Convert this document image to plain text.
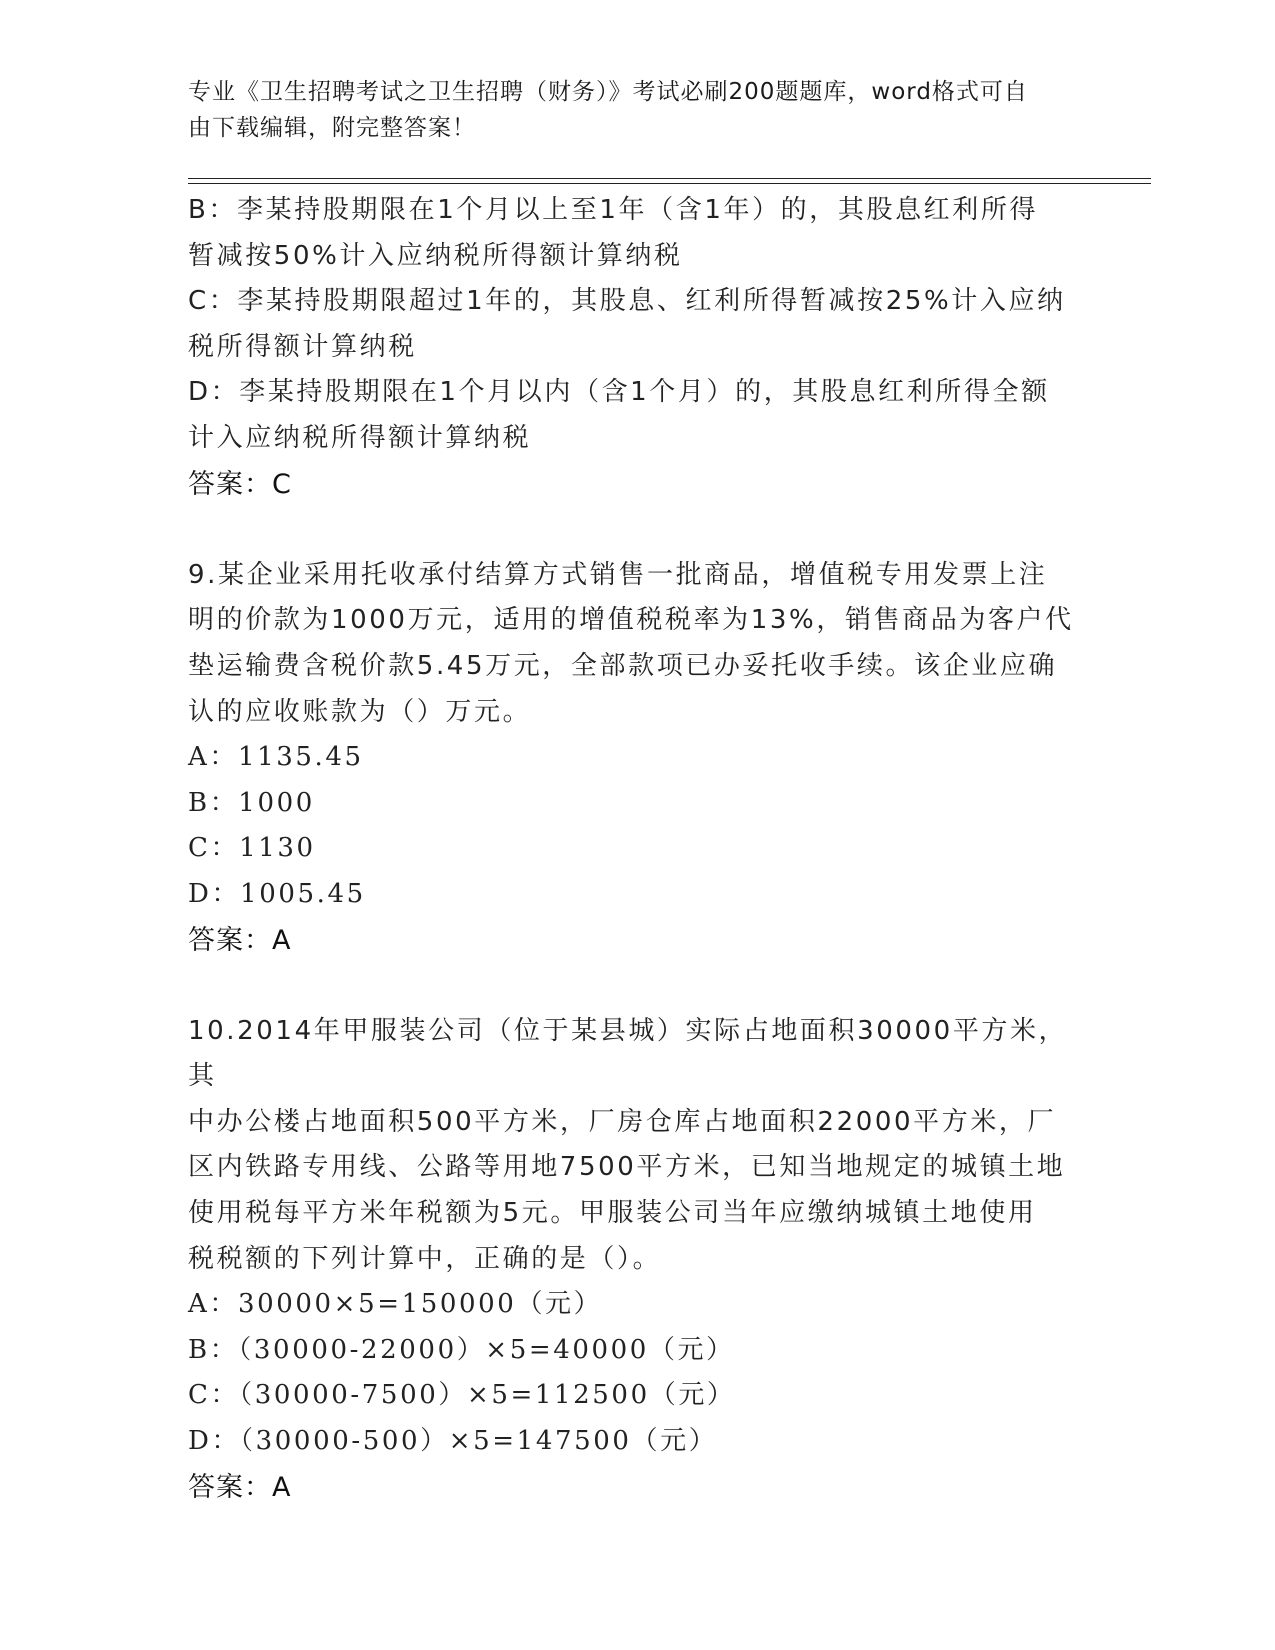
专业《卫生招聘考试之卫生招聘（财务）》考试必刷200题题库，word格式可自
由下载编辑，附完整答案！

B：李某持股期限在1个月以上至1年（含1年）的，其股息红利所得

暂减按50%计入应纳税所得额计算纳税

C：李某持股期限超过1年的，其股息、红利所得暂减按25%计入应纳

税所得额计算纳税

D：李某持股期限在1个月以内（含1个月）的，其股息红利所得全额

计入应纳税所得额计算纳税

答案：C

9.某企业采用托收承付结算方式销售一批商品，增值税专用发票上注

明的价款为1000万元，适用的增值税税率为13%，销售商品为客户代

垫运输费含税价款5.45万元，全部款项已办妥托收手续。该企业应确

认的应收账款为（）万元。

A：1135.45

B：1000

C：1130

D：1005.45

答案：A

10.2014年甲服装公司（位于某县城）实际占地面积30000平方米，其

中办公楼占地面积500平方米，厂房仓库占地面积22000平方米，厂

区内铁路专用线、公路等用地7500平方米，已知当地规定的城镇土地

使用税每平方米年税额为5元。甲服装公司当年应缴纳城镇土地使用

税税额的下列计算中，正确的是（）。

A：30000×5=150000（元）

B：（30000-22000）×5=40000（元）

C：（30000-7500）×5=112500（元）

D：（30000-500）×5=147500（元）

答案：A
